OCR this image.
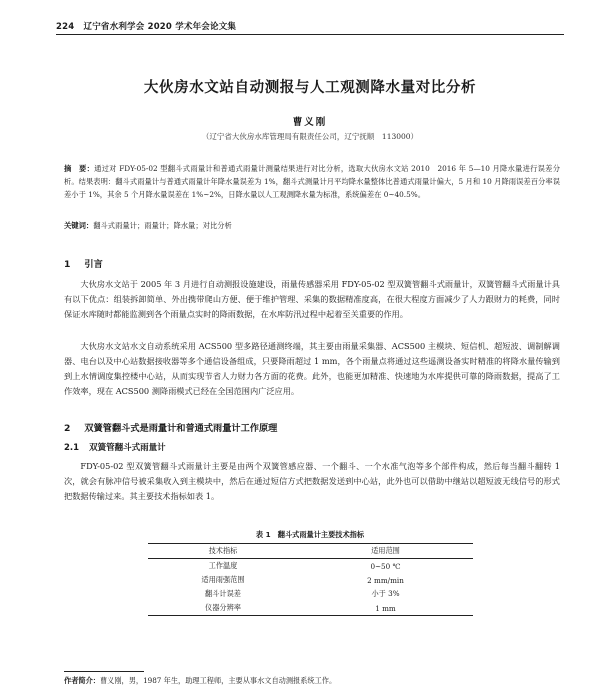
224 辽宁省水利学会 2020 学术年会论文集
大伙房水文站自动测报与人工观测降水量对比分析
曹义刚
（辽宁省大伙房水库管理局有限责任公司，辽宁抚顺　113000）
摘　要：通过对 FDY-05-02 型翻斗式雨量计和普通式雨量计测量结果进行对比分析，选取大伙房水文站 2010　2016 年 5—10 月降水量进行误差分析。结果表明：翻斗式雨量计与普通式雨量计年降水量误差为 1%，翻斗式测量计月平均降水量整体比普通式雨量计偏大，5 月和 10 月降雨误差百分率误差小于 1%，其余 5 个月降水量误差在 1%~2%，日降水量以人工观测降水量为标准，系统偏差在 0~40.5%。
关键词：翻斗式雨量计；雨量计；降水量；对比分析
1 引言
大伙房水文站于 2005 年 3 月进行自动测报设施建设，雨量传感器采用 FDY-05-02 型双簧管翻斗式雨量计，双簧管翻斗式雨量计具有以下优点：组装拆卸简单、外出携带爬山方便、便于维护管理、采集的数据精准度高，在很大程度方面减少了人力跟财力的耗费，同时保证水库随时都能监测到各个雨量点实时的降雨数据，在水库防汛过程中起着至关重要的作用。
大伙房水文站水文自动系统采用 ACS500 型多路径通测终端，其主要由雨量采集器、ACS500 主模块、短信机、超短波、调制解调器、电台以及中心站数据接收器等多个通信设备组成，只要降雨超过 1 mm，各个雨量点将通过这些遥测设备实时精准的将降水量传输到到上水情调度集控楼中心站，从而实现节省人力财力各方面的花费。此外，也能更加精准、快速地为水库提供可靠的降雨数据，提高了工作效率，现在 ACS500 测降雨模式已经在全国范围内广泛应用。
2 双簧管翻斗式是雨量计和普通式雨量计工作原理
2.1 双簧管翻斗式雨量计
FDY-05-02 型双簧管翻斗式雨量计主要是由两个双簧管感应器、一个翻斗、一个水准气泡等多个部件构成，然后每当翻斗翻转 1 次，就会有脉冲信号被采集收入到主模块中，然后在通过短信方式把数据发送到中心站，此外也可以借助中继站以超短波无线信号的形式把数据传输过来。其主要技术指标如表 1。
表 1　翻斗式雨量计主要技术指标
技术指标	适用范围
工作温度	0~50 ℃
适用雨强范围	2 mm/min
翻斗计误差	小于 3%
仪器分辨率	1 mm
作者简介：曹义刚，男，1987 年生，助理工程师，主要从事水文自动测报系统工作。
